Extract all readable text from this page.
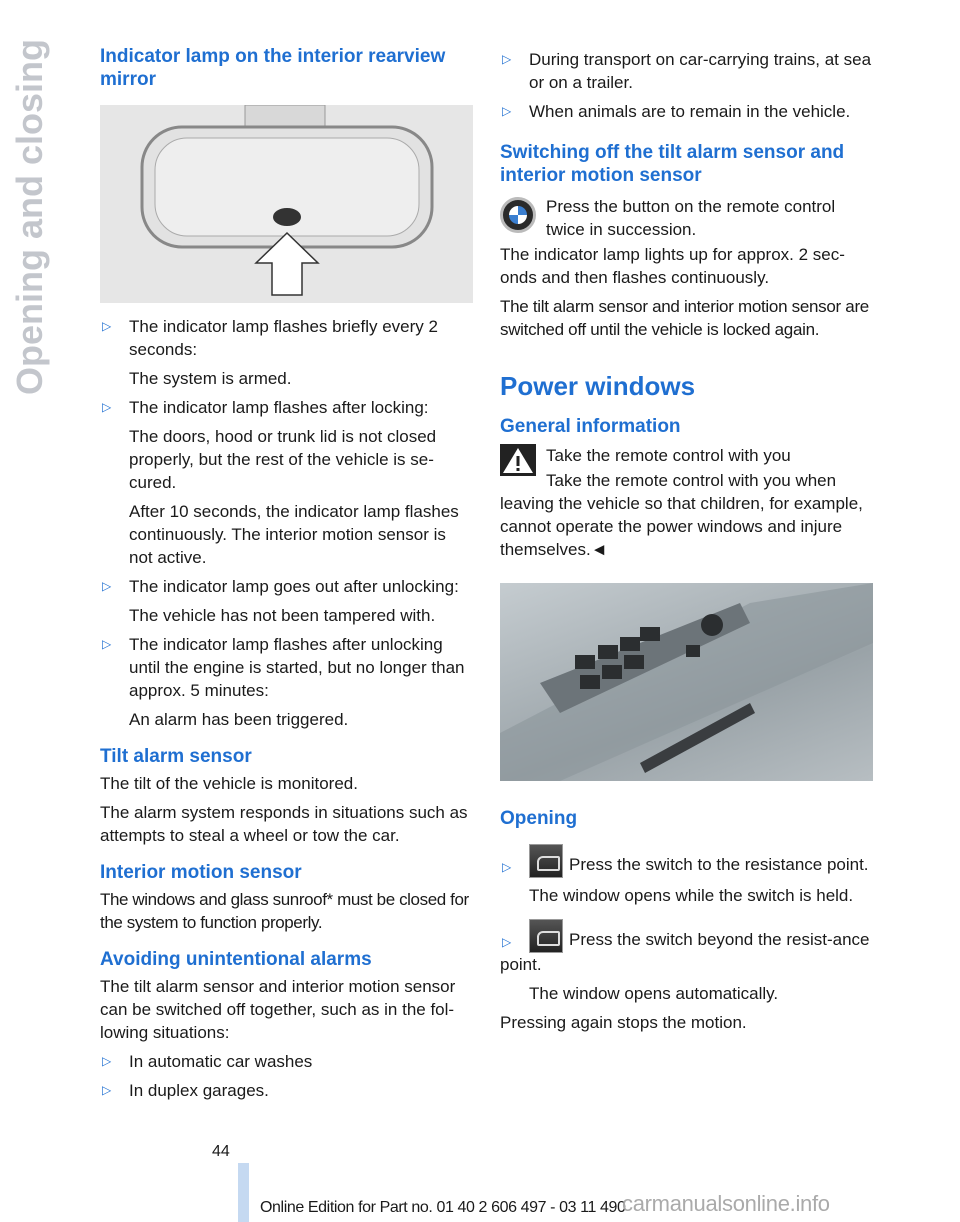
Opening and closing	Indicator lamp on the interior rearview mirror
▷ The indicator lamp flashes briefly every 2 seconds:

The system is armed.

▷ The indicator lamp flashes after locking:

The doors, hood or trunk lid is not closed properly, but the rest of the vehicle is se-cured.

After 10 seconds, the indicator lamp flashes continuously. The interior motion sensor is not active.

▷ The indicator lamp goes out after unlocking:

The vehicle has not been tampered with.

▷ The indicator lamp flashes after unlocking until the engine is started, but no longer than approx. 5 minutes:

An alarm has been triggered.

Tilt alarm sensor

The tilt of the vehicle is monitored.

The alarm system responds in situations such as attempts to steal a wheel or tow the car.

Interior motion sensor

The windows and glass sunroof* must be closed for the system to function properly.

Avoiding unintentional alarms

The tilt alarm sensor and interior motion sensor can be switched off together, such as in the fol-lowing situations:

▷ In automatic car washes
▷ In duplex garages.
▷ During transport on car-carrying trains, at sea or on a trailer.
▷ When animals are to remain in the vehicle.
Switching off the tilt alarm sensor and interior motion sensor
Press the button on the remote control twice in succession.

The indicator lamp lights up for approx. 2 sec-onds and then flashes continuously.

The tilt alarm sensor and interior motion sensor are switched off until the vehicle is locked again.

Power windows
General information

Take the remote control with you

Take the remote control with you when leaving the vehicle so that children, for example, cannot operate the power windows and injure themselves.◄

Opening
▷	Press the switch to the resistance point.

The window opens while the switch is held.

▷	Press the switch beyond the resist-ance point.

The window opens automatically.

Pressing again stops the motion.

44
Online Edition for Part no. 01 40 2 606 497 - 03 11 490
carmanualsonline.info
